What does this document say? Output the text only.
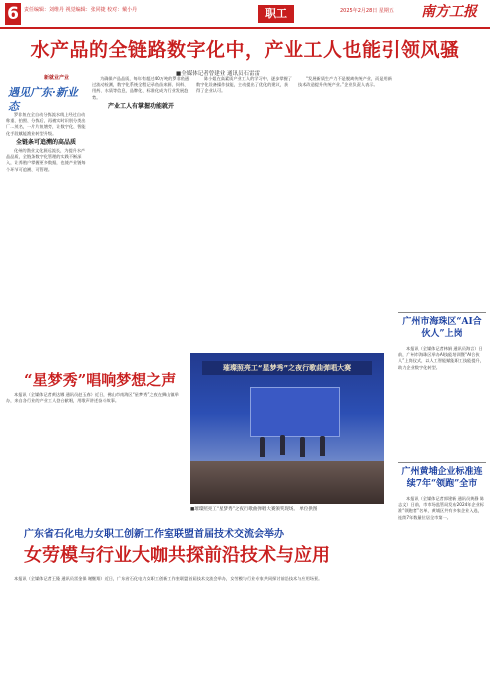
6	责任编辑：刘维丹 视觉编辑：张同捷 校对：戴小丹	职工	2025年2月28日 星期五	南方工报
水产品的全链路数字化中，产业工人也能引领风骚
■全媒体记者曾建业 通讯员石雷雷
新就业产业
遇见广东·新业态

罗非鱼在全自动分拣流水线上经过自动称重、拍照、分拣后，再被实时识别分类出厂…茂名，一片片鱼塘旁，让数字化、智能化手段赋能渔业转型升级。

全链条可追溯的高品质

化州的渔业文化源远流长，为提升水产品品质，全链条数字化管理的实践不断深入，让养殖户掌握更多数据，也使产业链每个环节可追溯、可管理。

为确保产品品质，每年有超过40万吨的罗非鱼通过流动检测，数字化系统全程记录鱼苗来源、饲料、用药、水质等信息，品牌化、标准化成为行业发展趋势。

产业工人有掌握功能就开

陈小姐在高素质产业工人的学习中，逐步掌握了数字化设备操作技能，主动提出了优化的建议，获得了企业认可。

“发展新质生产力不是脱离传统产业，而是用新技术改造提升传统产业。”企业负责人表示。

“星梦秀”唱响梦想之声

本报讯（全媒体记者黄达娜 通讯员赵玉春）近日，佛山市南海区“星梦秀”之夜在狮山镇举办，来自各行业的产业工人登台献唱，用歌声讲述奋斗故事。

璀璨照亮工“星梦秀”之夜行歌曲弹唱大赛
■璀璨照亮工“星梦秀”之夜行歌曲弹唱大赛颁奖现场。 单位供图
广州市海珠区“AI合伙人”上岗

本报讯（全媒体记者林娟 通讯员海言）日前，广州市海珠区举办AI技能培训暨“AI合伙人”上岗仪式，以人工智能赋能职工技能提升，助力企业数字化转型。

广州黄埔企业标准连续7年“领跑”全市

本报讯（全媒体记者郭建新 通讯员黄静 陈志文）日前，市市场监管局发布2024年企业标准“领跑者”名单，黄埔区共有多家企业入选，连续7年数量位居全市第一。

广东省石化电力女职工创新工作室联盟首届技术交流会举办
女劳模与行业大咖共探前沿技术与应用

本报讯（全媒体记者王隆 通讯员雷金保 谢继翔）近日，广东省石化电力女职工创新工作室联盟首届技术交流会举办，女劳模与行业专家共同探讨前沿技术与应用场景。
